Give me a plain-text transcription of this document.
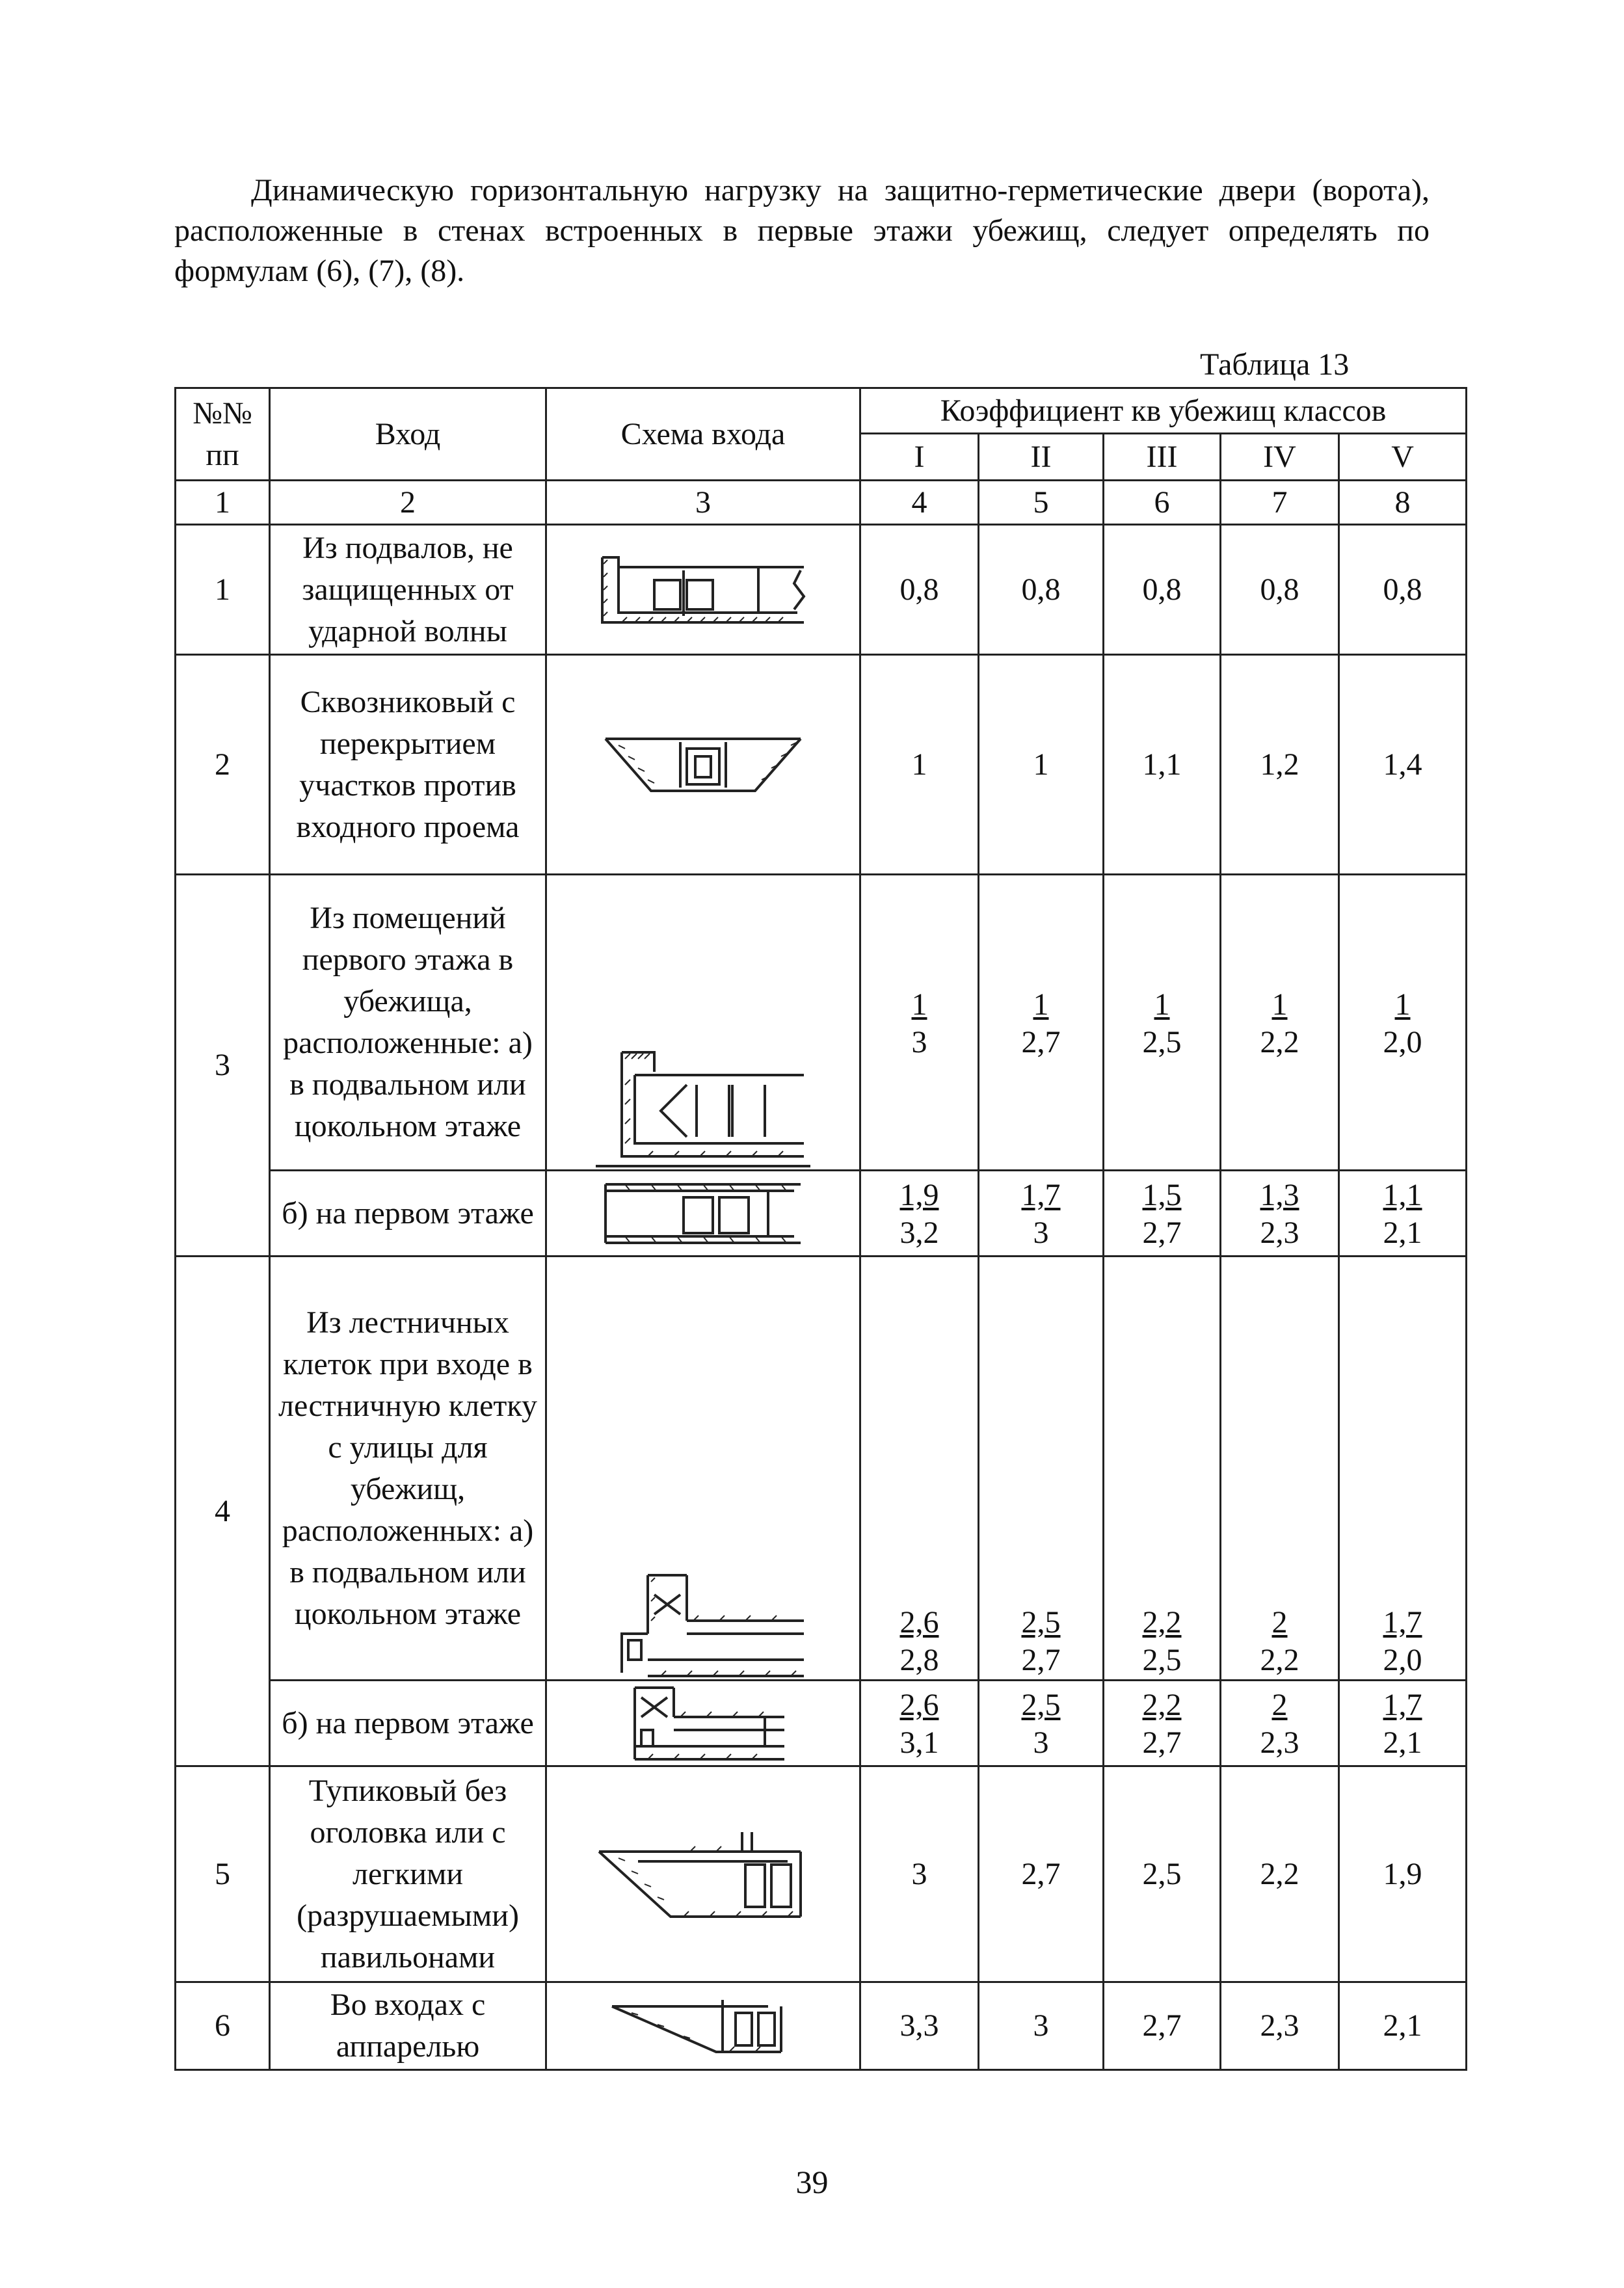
Динамическую горизонтальную нагрузку на защитно-герметические двери (ворота), расположенные в стенах встроенных в первые этажи убежищ, следует определять по формулам (6), (7), (8).

Таблица 13
№№ пп	Вход	Схема входа	Коэффициент кв убежищ классов				
			I	II	III	IV	V
1	2	3	4	5	6	7	8
1	Из подвалов, не защищенных от ударной волны		0,8	0,8	0,8	0,8	0,8
2	Сквозниковый с перекрытием участков против входного проема		1	1	1,1	1,2	1,4
3	Из помещений первого этажа в убежища, расположенные: а) в подвальном или цокольном этаже		$\frac{1}{3}$	$\frac{1}{2,7}$	$\frac{1}{2,5}$	$\frac{1}{2,2}$	$\frac{1}{2,0}$

	б) на первом этаже		$\frac{1,9}{3,2}$	$\frac{1,7}{3}$	$\frac{1,5}{2,7}$	$\frac{1,3}{2,3}$	$\frac{1,1}{2,1}$

4	Из лестничных клеток при входе в лестничную клетку с улицы для убежищ, расположенных: а) в подвальном или цокольном этаже		$\frac{2,6}{2,8}$	$\frac{2,5}{2,7}$	$\frac{2,2}{2,5}$	$\frac{2}{2,2}$	$\frac{1,7}{2,0}$

	б) на первом этаже		$\frac{2,6}{3,1}$	$\frac{2,5}{3}$	$\frac{2,2}{2,7}$	$\frac{2}{2,3}$	$\frac{1,7}{2,1}$

5	Тупиковый без оголовка или с легкими (разрушаемыми) павильонами		3	2,7	2,5	2,2	1,9
6	Во входах с аппарелью		3,3	3	2,7	2,3	2,1
39
